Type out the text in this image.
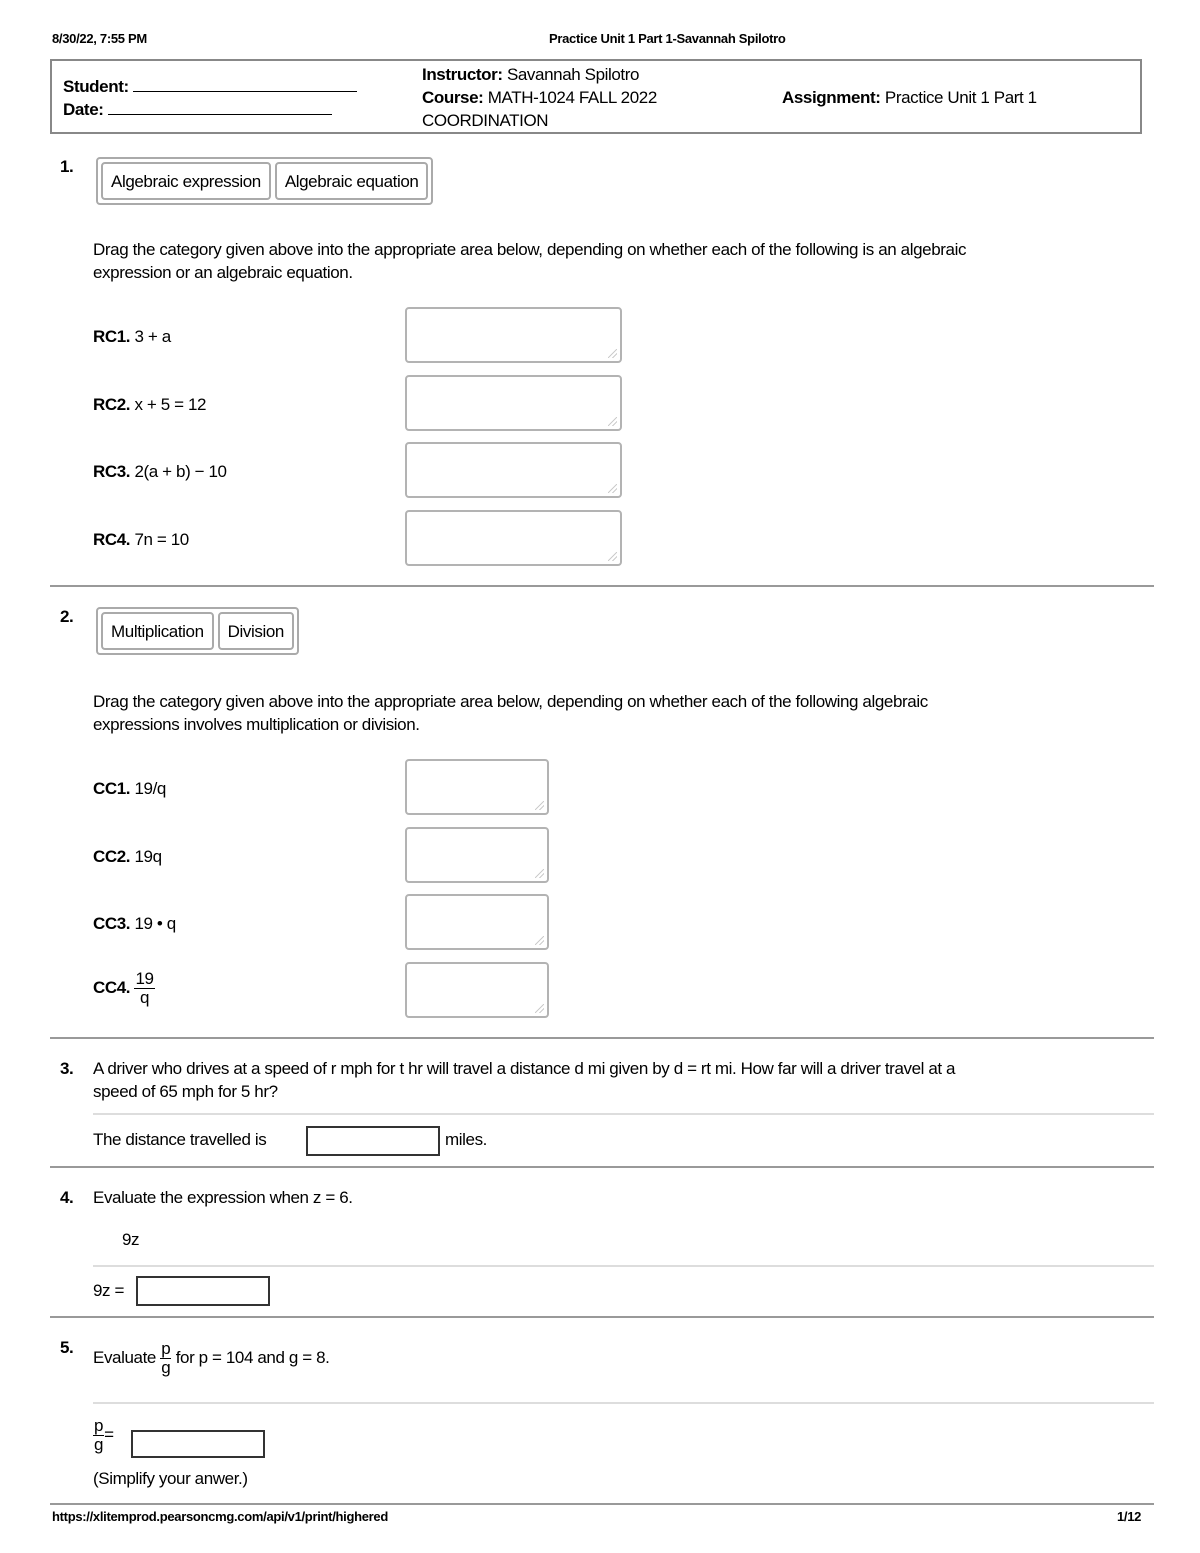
8/30/22, 7:55 PM	Practice Unit 1 Part 1-Savannah Spilotro
Student:
Date:
Instructor: Savannah Spilotro
Course: MATH-1024 FALL 2022
COORDINATION
Assignment: Practice Unit 1 Part 1
1.
Algebraic expression	Algebraic equation
Drag the category given above into the appropriate area below, depending on whether each of the following is an algebraic
expression or an algebraic equation.
RC1. 3 + a
RC2. x + 5 = 12
RC3. 2(a + b) − 10
RC4. 7n = 10
2.
Multiplication	Division
Drag the category given above into the appropriate area below, depending on whether each of the following algebraic
expressions involves multiplication or division.
CC1. 19/q
CC2. 19q
CC3. 19 • q
CC4. $\frac{19}{q}$
3. A driver who drives at a speed of r mph for t hr will travel a distance d mi given by d = rt mi. How far will a driver travel at a
speed of 65 mph for 5 hr?
The distance travelled is	miles.
4. Evaluate the expression when z = 6.
9z
9z =
5.
Evaluate $\frac{p}{g}$ for p = 104 and g = 8.
$\frac{p}{g}$ =
(Simplify your anwer.)
https://xlitemprod.pearsoncmg.com/api/v1/print/highered	1/12
